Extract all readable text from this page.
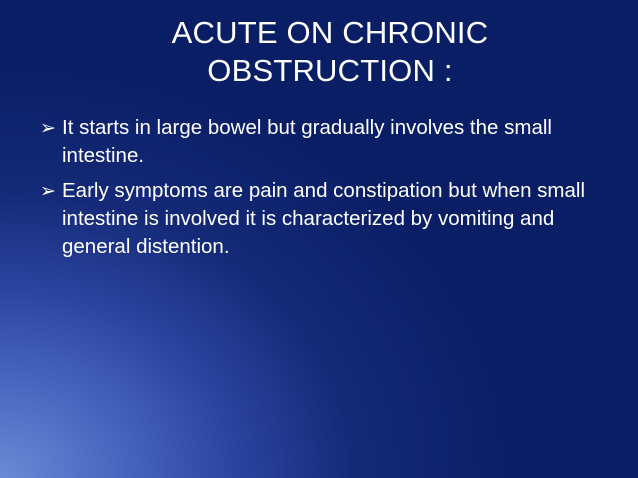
ACUTE ON CHRONIC
OBSTRUCTION :
➢ It starts in large bowel but gradually involves the small intestine.
➢ Early symptoms are pain and constipation but when small intestine is involved it is characterized by vomiting and general distention.
